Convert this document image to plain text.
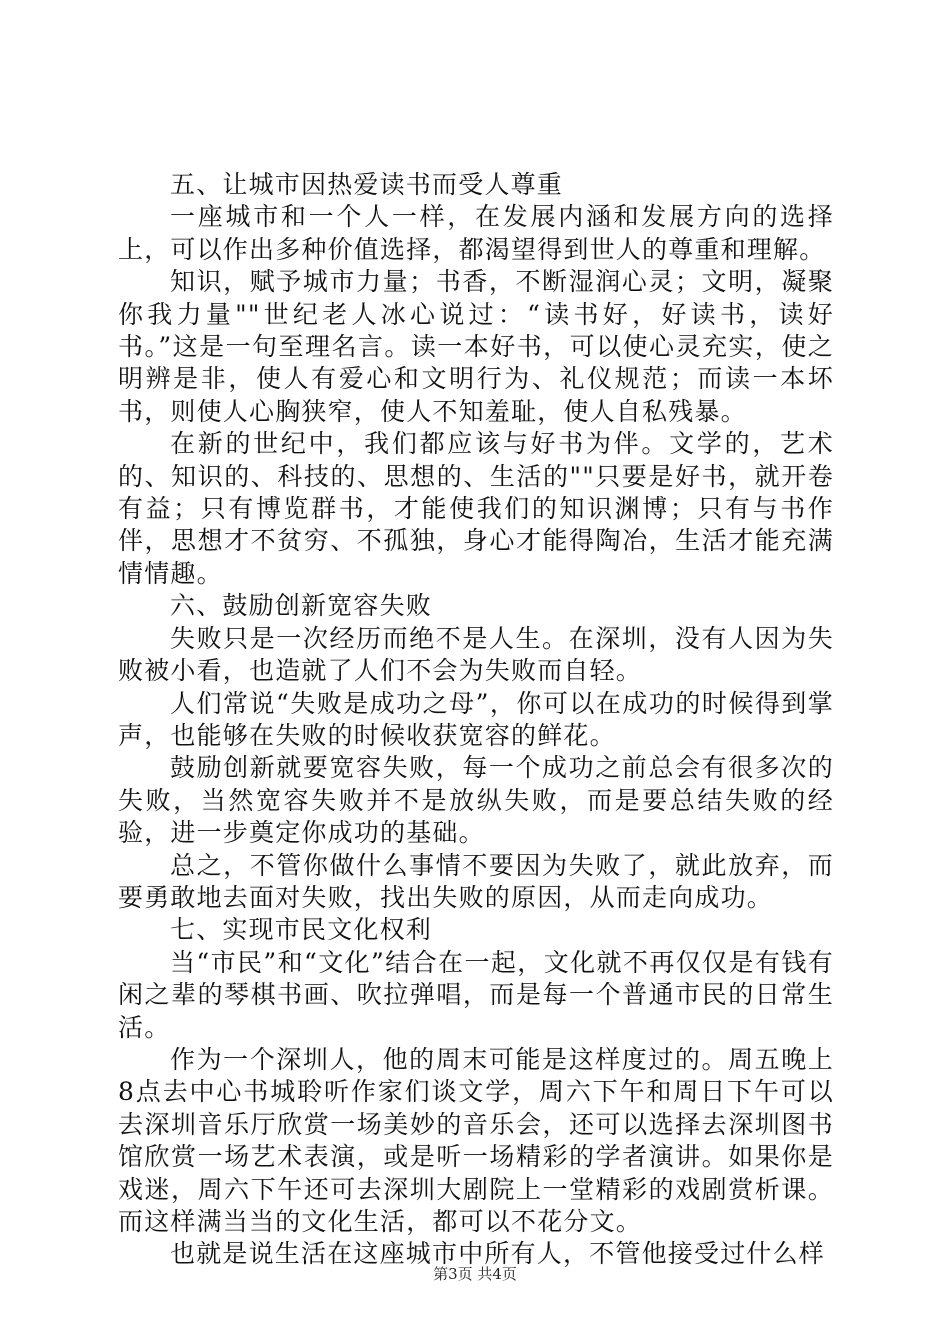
五、让城市因热爱读书而受人尊重

一座城市和一个人一样，在发展内涵和发展方向的选择上，可以作出多种价值选择，都渴望得到世人的尊重和理解。

知识，赋予城市力量；书香，不断湿润心灵；文明，凝聚你我力量""世纪老人冰心说过：“读书好，好读书，读好书。”这是一句至理名言。读一本好书，可以使心灵充实，使之明辨是非，使人有爱心和文明行为、礼仪规范；而读一本坏书，则使人心胸狭窄，使人不知羞耻，使人自私残暴。

在新的世纪中，我们都应该与好书为伴。文学的，艺术的、知识的、科技的、思想的、生活的""只要是好书，就开卷有益；只有博览群书，才能使我们的知识渊博；只有与书作伴，思想才不贫穷、不孤独，身心才能得陶冶，生活才能充满情情趣。

六、鼓励创新宽容失败

失败只是一次经历而绝不是人生。在深圳，没有人因为失败被小看，也造就了人们不会为失败而自轻。

人们常说“失败是成功之母”，你可以在成功的时候得到掌声，也能够在失败的时候收获宽容的鲜花。

鼓励创新就要宽容失败，每一个成功之前总会有很多次的失败，当然宽容失败并不是放纵失败，而是要总结失败的经验，进一步奠定你成功的基础。

总之，不管你做什么事情不要因为失败了，就此放弃，而要勇敢地去面对失败，找出失败的原因，从而走向成功。

七、实现市民文化权利

当“市民”和“文化”结合在一起，文化就不再仅仅是有钱有闲之辈的琴棋书画、吹拉弹唱，而是每一个普通市民的日常生活。

作为一个深圳人，他的周末可能是这样度过的。周五晚上8点去中心书城聆听作家们谈文学，周六下午和周日下午可以去深圳音乐厅欣赏一场美妙的音乐会，还可以选择去深圳图书馆欣赏一场艺术表演，或是听一场精彩的学者演讲。如果你是戏迷，周六下午还可去深圳大剧院上一堂精彩的戏剧赏析课。而这样满当当的文化生活，都可以不花分文。

也就是说生活在这座城市中所有人，不管他接受过什么样

第3页 共4页
